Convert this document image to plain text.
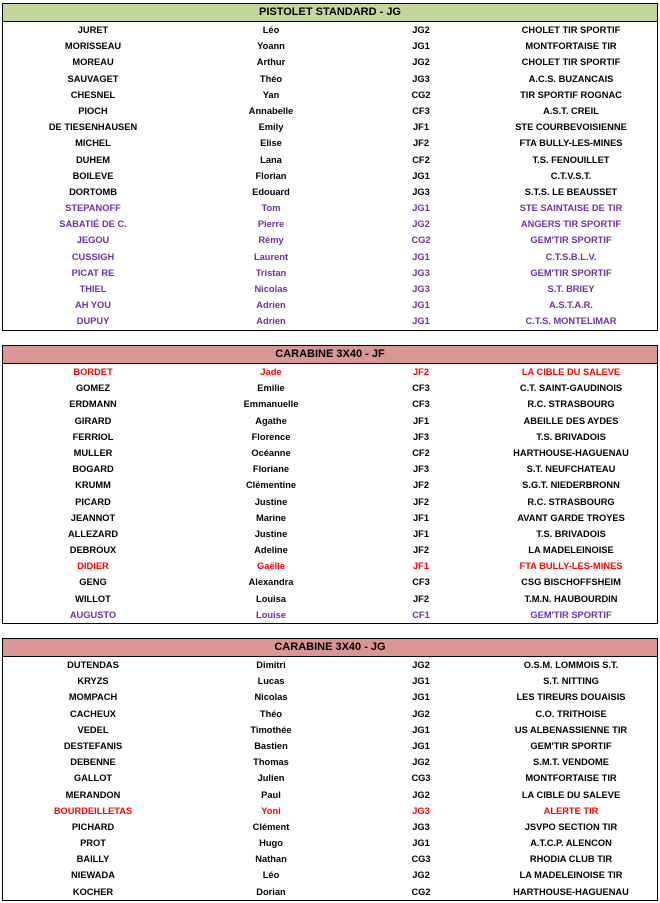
PISTOLET STANDARD - JG
JURET	Léo	JG2	CHOLET TIR SPORTIF
MORISSEAU	Yoann	JG1	MONTFORTAISE TIR
MOREAU	Arthur	JG2	CHOLET TIR SPORTIF
SAUVAGET	Théo	JG3	A.C.S. BUZANCAIS
CHESNEL	Yan	CG2	TIR SPORTIF ROGNAC
PIOCH	Annabelle	CF3	A.S.T. CREIL
DE TIESENHAUSEN	Emily	JF1	STE COURBEVOISIENNE
MICHEL	Elise	JF2	FTA BULLY-LES-MINES
DUHEM	Lana	CF2	T.S. FENOUILLET
BOILEVE	Florian	JG1	C.T.V.S.T.
DORTOMB	Edouard	JG3	S.T.S. LE BEAUSSET
STEPANOFF	Tom	JG1	STE SAINTAISE DE TIR
SABATIÉ DE C.	Pierre	JG2	ANGERS TIR SPORTIF
JEGOU	Rémy	CG2	GEM'TIR SPORTIF
CUSSIGH	Laurent	JG1	C.T.S.B.L.V.
PICAT RE	Tristan	JG3	GEM'TIR SPORTIF
THIEL	Nicolas	JG3	S.T. BRIEY
AH YOU	Adrien	JG1	A.S.T.A.R.
DUPUY	Adrien	JG1	C.T.S. MONTELIMAR
CARABINE 3X40 - JF
BORDET	Jade	JF2	LA CIBLE DU SALEVE
GOMEZ	Emilie	CF3	C.T. SAINT-GAUDINOIS
ERDMANN	Emmanuelle	CF3	R.C. STRASBOURG
GIRARD	Agathe	JF1	ABEILLE DES AYDES
FERRIOL	Florence	JF3	T.S. BRIVADOIS
MULLER	Océanne	CF2	HARTHOUSE-HAGUENAU
BOGARD	Floriane	JF3	S.T. NEUFCHATEAU
KRUMM	Clémentine	JF2	S.G.T. NIEDERBRONN
PICARD	Justine	JF2	R.C. STRASBOURG
JEANNOT	Marine	JF1	AVANT GARDE TROYES
ALLEZARD	Justine	JF1	T.S. BRIVADOIS
DEBROUX	Adeline	JF2	LA MADELEINOISE
DIDIER	Gaëlle	JF1	FTA BULLY-LES-MINES
GENG	Alexandra	CF3	CSG BISCHOFFSHEIM
WILLOT	Louisa	JF2	T.M.N. HAUBOURDIN
AUGUSTO	Louise	CF1	GEM'TIR SPORTIF
CARABINE 3X40 - JG
DUTENDAS	Dimitri	JG2	O.S.M. LOMMOIS S.T.
KRYZS	Lucas	JG1	S.T. NITTING
MOMPACH	Nicolas	JG1	LES TIREURS DOUAISIS
CACHEUX	Théo	JG2	C.O. TRITHOISE
VEDEL	Timothée	JG1	US ALBENASSIENNE TIR
DESTEFANIS	Bastien	JG1	GEM'TIR SPORTIF
DEBENNE	Thomas	JG2	S.M.T. VENDOME
GALLOT	Julien	CG3	MONTFORTAISE TIR
MERANDON	Paul	JG2	LA CIBLE DU SALEVE
BOURDEILLETAS	Yoni	JG3	ALERTE TIR
PICHARD	Clément	JG3	JSVPO SECTION TIR
PROT	Hugo	JG1	A.T.C.P. ALENCON
BAILLY	Nathan	CG3	RHODIA CLUB TIR
NIEWADA	Léo	JG2	LA MADELEINOISE TIR
KOCHER	Dorian	CG2	HARTHOUSE-HAGUENAU
